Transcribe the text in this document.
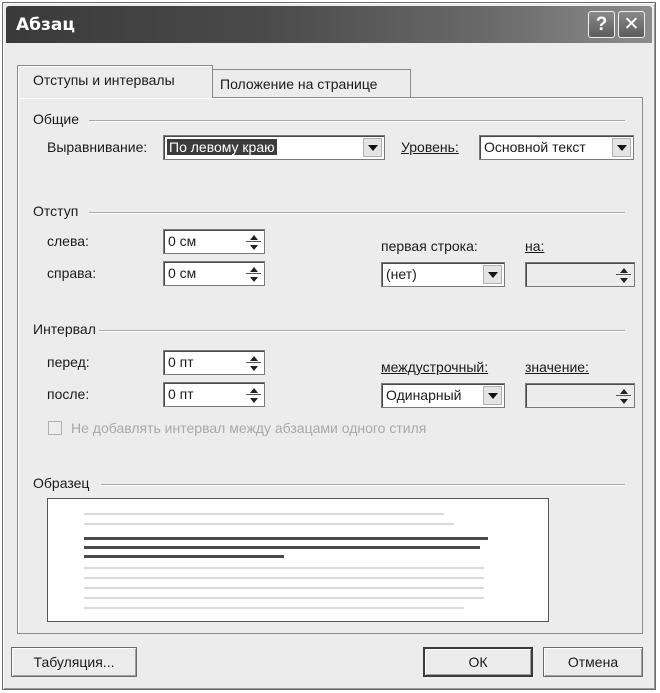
Абзац	? ✕
Отступы и интервалы	Положение на странице
Общие
Выравнивание: По левому краю	Уровень: Основной текст
Отступ
слева:	0 см
справа:	0 см
первая строка:
(нет)
на:
Интервал
перед:	0 пт
после:	0 пт
междустрочный:
Одинарный
значение:
Не добавлять интервал между абзацами одного стиля
Образец
Табуляция...	ОК	Отмена
